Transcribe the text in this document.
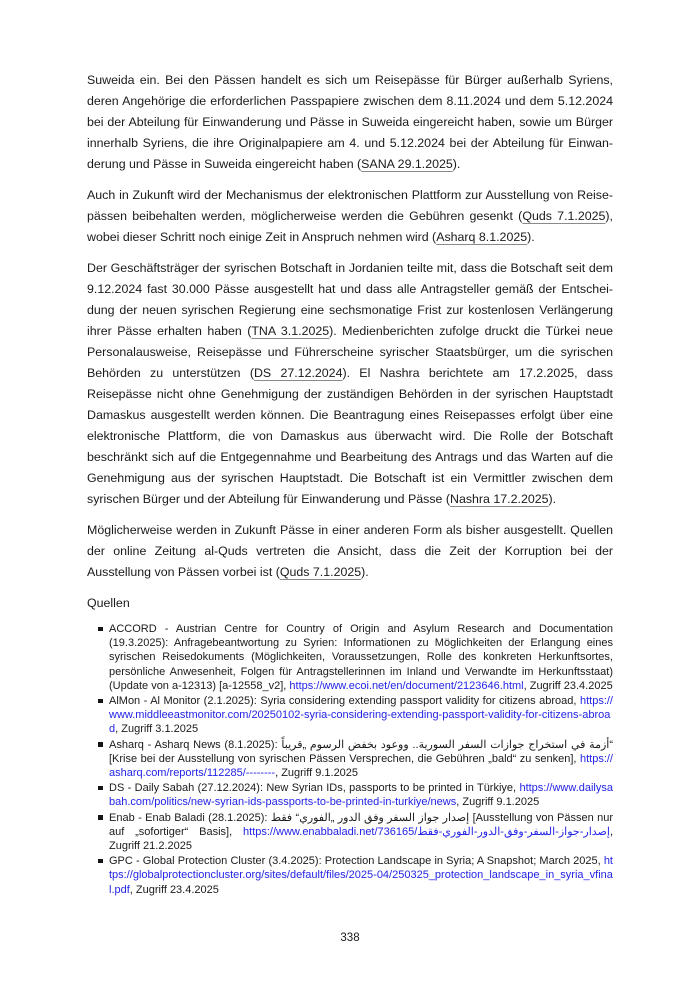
Suweida ein. Bei den Pässen handelt es sich um Reisepässe für Bürger außerhalb Syriens, deren Angehörige die erforderlichen Passpapiere zwischen dem 8.11.2024 und dem 5.12.2024 bei der Abteilung für Einwanderung und Pässe in Suweida eingereicht haben, sowie um Bürger innerhalb Syriens, die ihre Originalpapiere am 4. und 5.12.2024 bei der Abteilung für Einwanderung und Pässe in Suweida eingereicht haben (SANA 29.1.2025).

Auch in Zukunft wird der Mechanismus der elektronischen Plattform zur Ausstellung von Reisepässen beibehalten werden, möglicherweise werden die Gebühren gesenkt (Quds 7.1.2025), wobei dieser Schritt noch einige Zeit in Anspruch nehmen wird (Asharq 8.1.2025).

Der Geschäftsträger der syrischen Botschaft in Jordanien teilte mit, dass die Botschaft seit dem 9.12.2024 fast 30.000 Pässe ausgestellt hat und dass alle Antragsteller gemäß der Entscheidung der neuen syrischen Regierung eine sechsmonatige Frist zur kostenlosen Verlängerung ihrer Pässe erhalten haben (TNA 3.1.2025). Medienberichten zufolge druckt die Türkei neue Personalausweise, Reisepässe und Führerscheine syrischer Staatsbürger, um die syrischen Behörden zu unterstützen (DS 27.12.2024). El Nashra berichtete am 17.2.2025, dass Reisepässe nicht ohne Genehmigung der zuständigen Behörden in der syrischen Hauptstadt Damaskus ausgestellt werden können. Die Beantragung eines Reisepasses erfolgt über eine elektronische Plattform, die von Damaskus aus überwacht wird. Die Rolle der Botschaft beschränkt sich auf die Entgegennahme und Bearbeitung des Antrags und das Warten auf die Genehmigung aus der syrischen Hauptstadt. Die Botschaft ist ein Vermittler zwischen dem syrischen Bürger und der Abteilung für Einwanderung und Pässe (Nashra 17.2.2025).

Möglicherweise werden in Zukunft Pässe in einer anderen Form als bisher ausgestellt. Quellen der online Zeitung al-Quds vertreten die Ansicht, dass die Zeit der Korruption bei der Ausstellung von Pässen vorbei ist (Quds 7.1.2025).

Quellen

ACCORD - Austrian Centre for Country of Origin and Asylum Research and Documentation (19.3.2025): Anfragebeantwortung zu Syrien: Informationen zu Möglichkeiten der Erlangung eines syrischen Reisedokuments (Möglichkeiten, Voraussetzungen, Rolle des konkreten Herkunftsortes, persönliche Anwesenheit, Folgen für Antragstellerinnen im Inland und Verwandte im Herkunftsstaat) (Update von a-12313) [a-12558_v2], https://www.ecoi.net/en/document/2123646.html, Zugriff 23.4.2025
AlMon - Al Monitor (2.1.2025): Syria considering extending passport validity for citizens abroad, https://www.middleeastmonitor.com/20250102-syria-considering-extending-passport-validity-for-citizens-abroad, Zugriff 3.1.2025
Asharq - Asharq News (8.1.2025): أزمة في استخراج جوازات السفر السورية.. ووعود بخفض الرسوم „قريباً“ [Krise bei der Ausstellung von syrischen Pässen Versprechen, die Gebühren „bald“ zu senken], https://asharq.com/reports/112285/--------, Zugriff 9.1.2025
DS - Daily Sabah (27.12.2024): New Syrian IDs, passports to be printed in Türkiye, https://www.dailysabah.com/politics/new-syrian-ids-passports-to-be-printed-in-turkiye/news, Zugriff 9.1.2025
Enab - Enab Baladi (28.1.2025): إصدار جواز السفر وفق الدور „الفوري“ فقط [Ausstellung von Pässen nur auf „sofortiger“ Basis], https://www.enabbaladi.net/736165/إصدار-جواز-السفر-وفق-الدور-الفوري-فقط, Zugriff 21.2.2025
GPC - Global Protection Cluster (3.4.2025): Protection Landscape in Syria; A Snapshot; March 2025, https://globalprotectioncluster.org/sites/default/files/2025-04/250325_protection_landscape_in_syria_vfinal.pdf, Zugriff 23.4.2025
338
